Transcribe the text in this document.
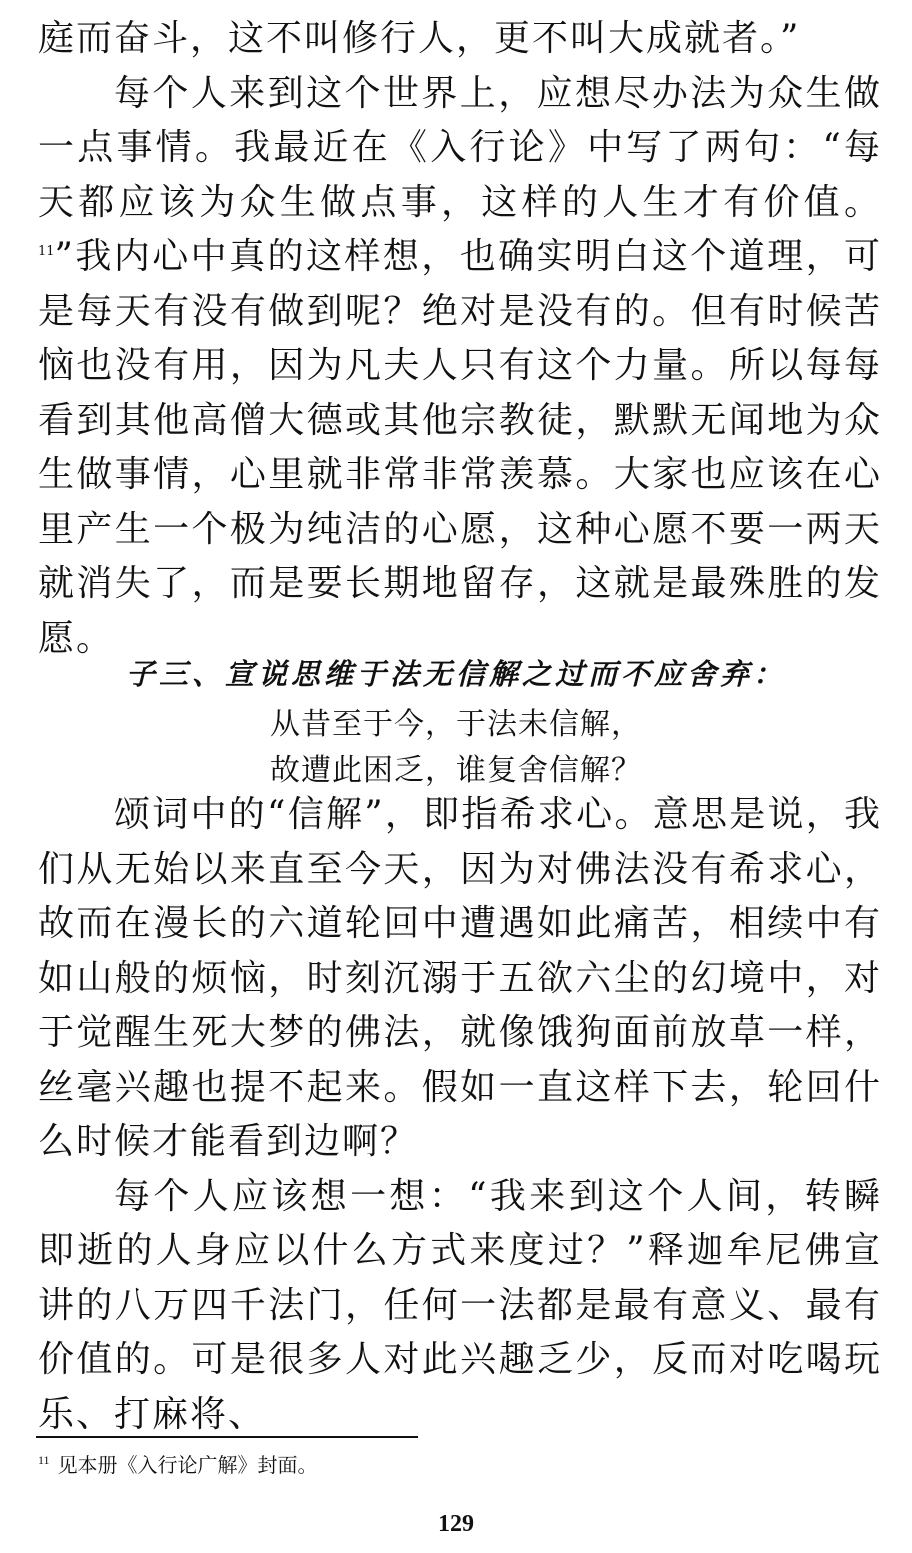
庭而奋斗，这不叫修行人，更不叫大成就者。”

每个人来到这个世界上，应想尽办法为众生做一点事情。我最近在《入行论》中写了两句：“每天都应该为众生做点事，这样的人生才有价值。$^{11}$”我内心中真的这样想，也确实明白这个道理，可是每天有没有做到呢？绝对是没有的。但有时候苦恼也没有用，因为凡夫人只有这个力量。所以每每看到其他高僧大德或其他宗教徒，默默无闻地为众生做事情，心里就非常非常羡慕。大家也应该在心里产生一个极为纯洁的心愿，这种心愿不要一两天就消失了，而是要长期地留存，这就是最殊胜的发愿。

子三、宣说思维于法无信解之过而不应舍弃：
从昔至于今，于法未信解，
故遭此困乏，谁复舍信解？

颂词中的“信解”，即指希求心。意思是说，我们从无始以来直至今天，因为对佛法没有希求心，故而在漫长的六道轮回中遭遇如此痛苦，相续中有如山般的烦恼，时刻沉溺于五欲六尘的幻境中，对于觉醒生死大梦的佛法，就像饿狗面前放草一样，丝毫兴趣也提不起来。假如一直这样下去，轮回什么时候才能看到边啊？

每个人应该想一想：“我来到这个人间，转瞬即逝的人身应以什么方式来度过？”释迦牟尼佛宣讲的八万四千法门，任何一法都是最有意义、最有价值的。可是很多人对此兴趣乏少，反而对吃喝玩乐、打麻将、

$^{11}$ 见本册《入行论广解》封面。
129
